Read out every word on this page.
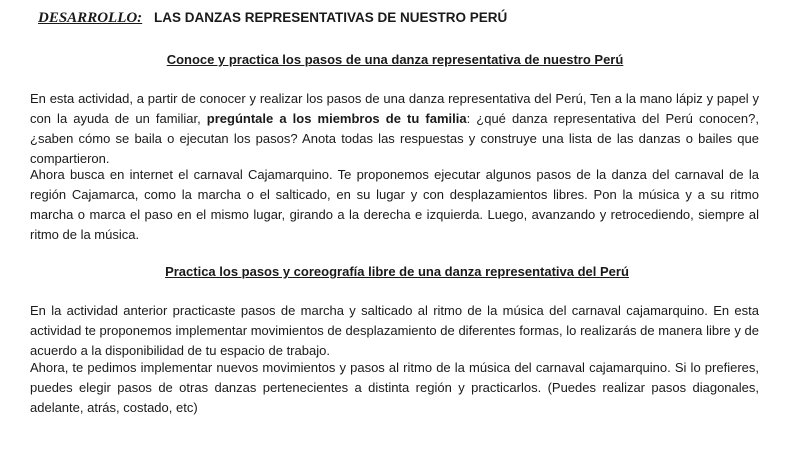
DESARROLLO: LAS DANZAS REPRESENTATIVAS DE NUESTRO PERÚ
Conoce y practica los pasos de una danza representativa de nuestro Perú

En esta actividad, a partir de conocer y realizar los pasos de una danza representativa del Perú, Ten a la mano lápiz y papel y con la ayuda de un familiar, pregúntale a los miembros de tu familia: ¿qué danza representativa del Perú conocen?, ¿saben cómo se baila o ejecutan los pasos? Anota todas las respuestas y construye una lista de las danzas o bailes que compartieron.

Ahora busca en internet el carnaval Cajamarquino. Te proponemos ejecutar algunos pasos de la danza del carnaval de la región Cajamarca, como la marcha o el salticado, en su lugar y con desplazamientos libres. Pon la música y a su ritmo marcha o marca el paso en el mismo lugar, girando a la derecha e izquierda. Luego, avanzando y retrocediendo, siempre al ritmo de la música.

Practica los pasos y coreografía libre de una danza representativa del Perú

En la actividad anterior practicaste pasos de marcha y salticado al ritmo de la música del carnaval cajamarquino. En esta actividad te proponemos implementar movimientos de desplazamiento de diferentes formas, lo realizarás de manera libre y de acuerdo a la disponibilidad de tu espacio de trabajo.

Ahora, te pedimos implementar nuevos movimientos y pasos al ritmo de la música del carnaval cajamarquino. Si lo prefieres, puedes elegir pasos de otras danzas pertenecientes a distinta región y practicarlos. (Puedes realizar pasos diagonales, adelante, atrás, costado, etc)
